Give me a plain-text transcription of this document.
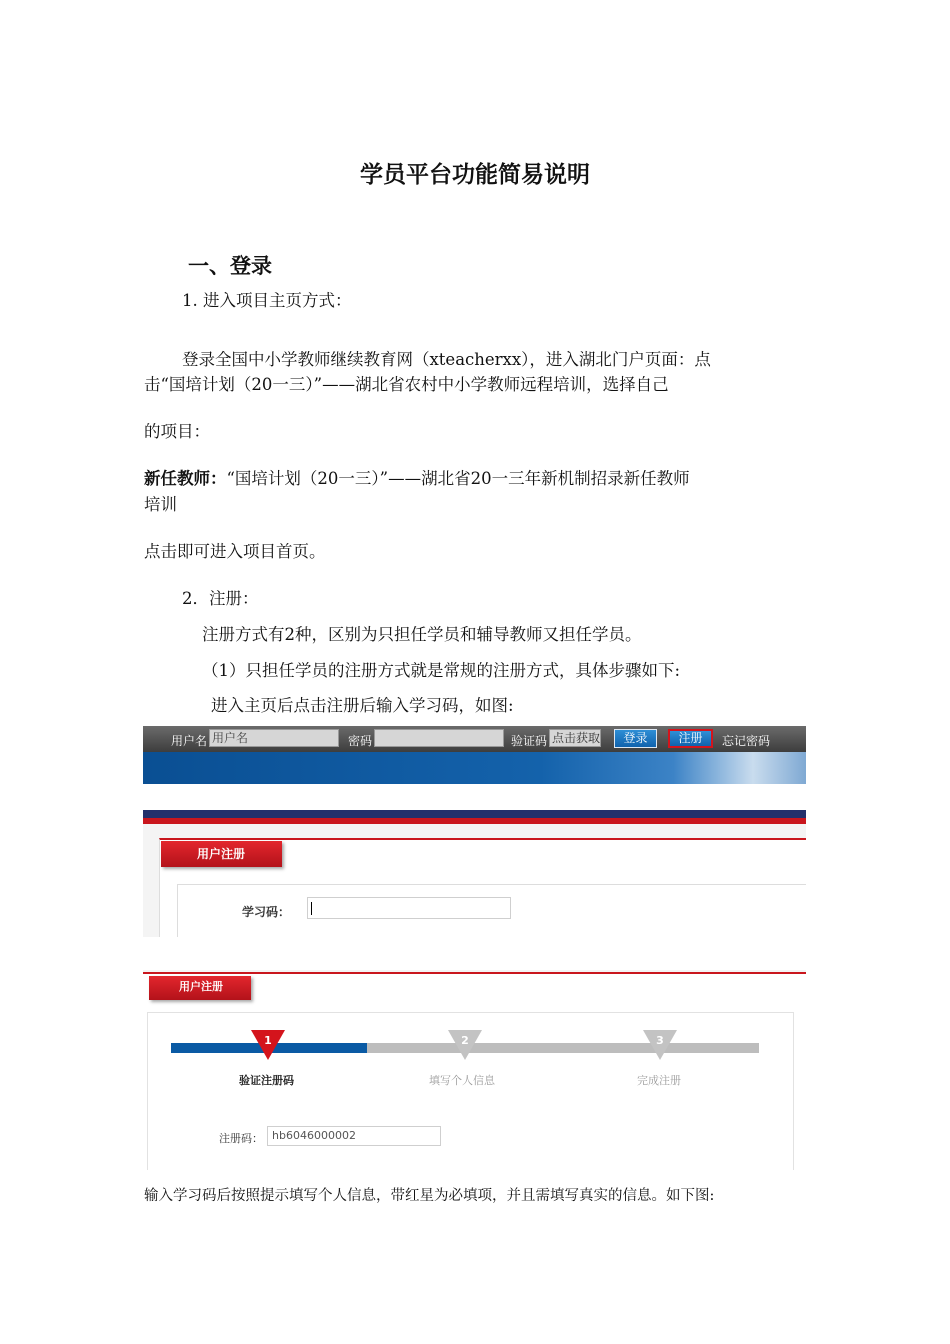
学员平台功能简易说明
一、登录
1. 进入项目主页方式：
登录全国中小学教师继续教育网（xteacherxx），进入湖北门户页面：点
击“国培计划（20一三）”——湖北省农村中小学教师远程培训，选择自己
的项目：
新任教师：“国培计划（20一三）”——湖北省20一三年新机制招录新任教师
培训
点击即可进入项目首页。
2．注册：
注册方式有2种，区别为只担任学员和辅导教师又担任学员。
（1）只担任学员的注册方式就是常规的注册方式，具体步骤如下:
进入主页后点击注册后输入学习码，如图:
用户名 用户名	密码	验证码 点击获取	登录	注册	忘记密码
用户注册
学习码：
用户注册
1	2	3
验证注册码	填写个人信息	完成注册
注册码： hb6046000002
输入学习码后按照提示填写个人信息，带红星为必填项，并且需填写真实的信息。如下图:
